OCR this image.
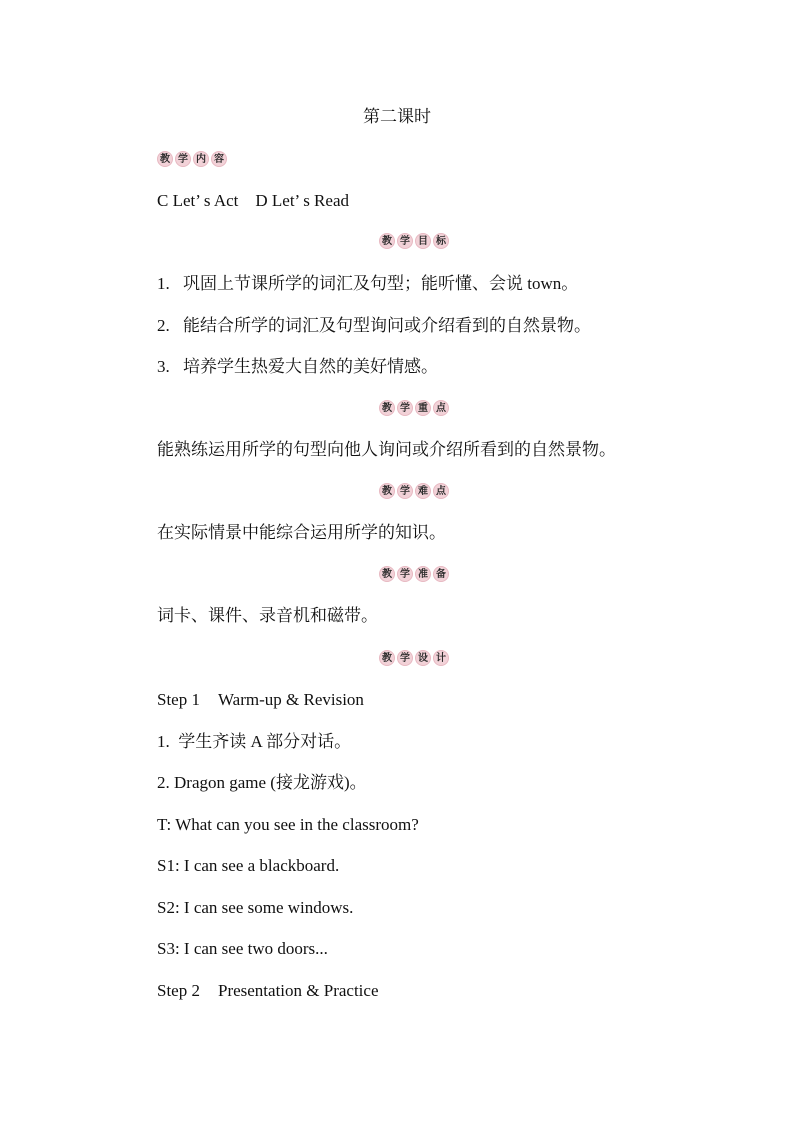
第二课时
教 学 内 容
C Let’ s Act    D Let’ s Read
教 学 目 标
1. 巩固上节课所学的词汇及句型；能听懂、会说 town。
2. 能结合所学的词汇及句型询问或介绍看到的自然景物。
3. 培养学生热爱大自然的美好情感。
教 学 重 点
能熟练运用所学的句型向他人询问或介绍所看到的自然景物。
教 学 难 点
在实际情景中能综合运用所学的知识。
教 学 准 备
词卡、课件、录音机和磁带。
教 学 设 计
Step 1 Warm-up & Revision
1.  学生齐读 A 部分对话。
2. Dragon game (接龙游戏)。
T: What can you see in the classroom?
S1: I can see a blackboard.
S2: I can see some windows.
S3: I can see two doors...
Step 2 Presentation & Practice
